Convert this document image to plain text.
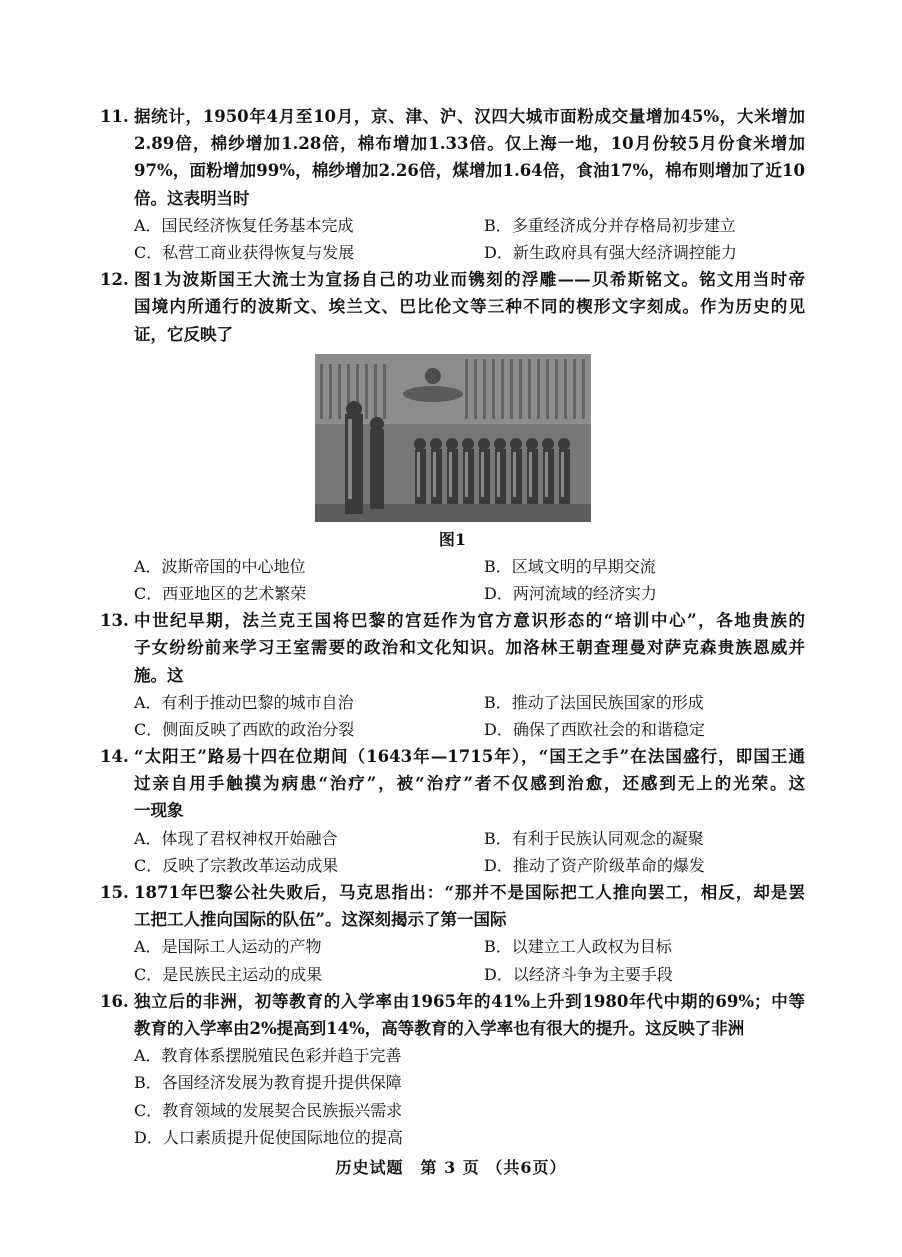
11. 据统计，1950年4月至10月，京、津、沪、汉四大城市面粉成交量增加45%，大米增加
2.89倍，棉纱增加1.28倍，棉布增加1.33倍。仅上海一地，10月份较5月份食米增加
97%，面粉增加99%，棉纱增加2.26倍，煤增加1.64倍，食油17%，棉布则增加了近10
倍。这表明当时
A．国民经济恢复任务基本完成	B．多重经济成分并存格局初步建立
C．私营工商业获得恢复与发展	D．新生政府具有强大经济调控能力
12. 图1为波斯国王大流士为宣扬自己的功业而镌刻的浮雕——贝希斯铭文。铭文用当时帝
国境内所通行的波斯文、埃兰文、巴比伦文等三种不同的楔形文字刻成。作为历史的见
证，它反映了
图1
A．波斯帝国的中心地位	B．区域文明的早期交流
C．西亚地区的艺术繁荣	D．两河流域的经济实力
13. 中世纪早期，法兰克王国将巴黎的宫廷作为官方意识形态的“培训中心”，各地贵族的
子女纷纷前来学习王室需要的政治和文化知识。加洛林王朝查理曼对萨克森贵族恩威并
施。这
A．有利于推动巴黎的城市自治	B．推动了法国民族国家的形成
C．侧面反映了西欧的政治分裂	D．确保了西欧社会的和谐稳定
14. “太阳王”路易十四在位期间（1643年—1715年），“国王之手”在法国盛行，即国王通
过亲自用手触摸为病患“治疗”，被“治疗”者不仅感到治愈，还感到无上的光荣。这
一现象
A．体现了君权神权开始融合	B．有利于民族认同观念的凝聚
C．反映了宗教改革运动成果	D．推动了资产阶级革命的爆发
15. 1871年巴黎公社失败后，马克思指出：“那并不是国际把工人推向罢工，相反，却是罢
工把工人推向国际的队伍”。这深刻揭示了第一国际
A．是国际工人运动的产物	B．以建立工人政权为目标
C．是民族民主运动的成果	D．以经济斗争为主要手段
16. 独立后的非洲，初等教育的入学率由1965年的41%上升到1980年代中期的69%；中等
教育的入学率由2%提高到14%，高等教育的入学率也有很大的提升。这反映了非洲
A．教育体系摆脱殖民色彩并趋于完善
B．各国经济发展为教育提升提供保障
C．教育领域的发展契合民族振兴需求
D．人口素质提升促使国际地位的提高
历史试题　第 3 页 （共6页）
